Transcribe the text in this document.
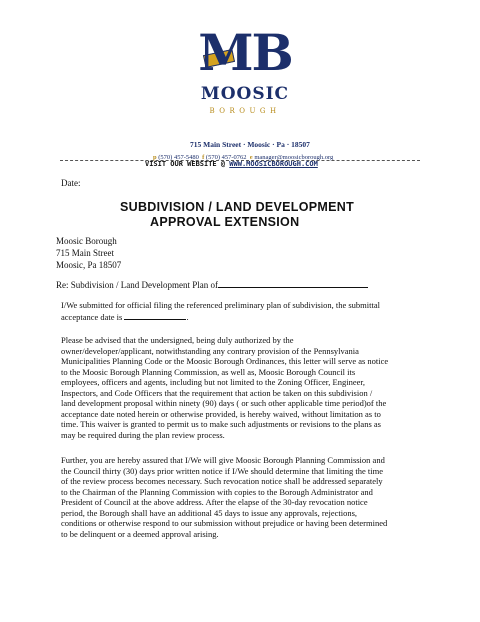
MB
MOOSIC
BOROUGH
715 Main Street · Moosic · Pa · 18507
p (570) 457-5480 f (570) 457-0762 e manager@moosicborough.org
VISIT OUR WEBSITE @ WWW.MOOSICBOROUGH.COM
Date:
SUBDIVISION / LAND DEVELOPMENT
APPROVAL EXTENSION
Moosic Borough
715 Main Street
Moosic, Pa 18507
Re: Subdivision / Land Development Plan of
I/We submitted for official filing the referenced preliminary plan of subdivision, the submittal
acceptance date is	.
Please be advised that the undersigned, being duly authorized by the
owner/developer/applicant, notwithstanding any contrary provision of the Pennsylvania
Municipalities Planning Code or the Moosic Borough Ordinances, this letter will serve as notice
to the Moosic Borough Planning Commission, as well as, Moosic Borough Council its
employees, officers and agents, including but not limited to the Zoning Officer, Engineer,
Inspectors, and Code Officers that the requirement that action be taken on this subdivision /
land development proposal within ninety (90) days ( or such other applicable time period)of the
acceptance date noted herein or otherwise provided, is hereby waived, without limitation as to
time. This waiver is granted to permit us to make such adjustments or revisions to the plans as
may be required during the plan review process.
Further, you are hereby assured that I/We will give Moosic Borough Planning Commission and
the Council thirty (30) days prior written notice if I/We should determine that limiting the time
of the review process becomes necessary. Such revocation notice shall be addressed separately
to the Chairman of the Planning Commission with copies to the Borough Administrator and
President of Council at the above address. After the elapse of the 30-day revocation notice
period, the Borough shall have an additional 45 days to issue any approvals, rejections,
conditions or otherwise respond to our submission without prejudice or having been determined
to be delinquent or a deemed approval arising.
